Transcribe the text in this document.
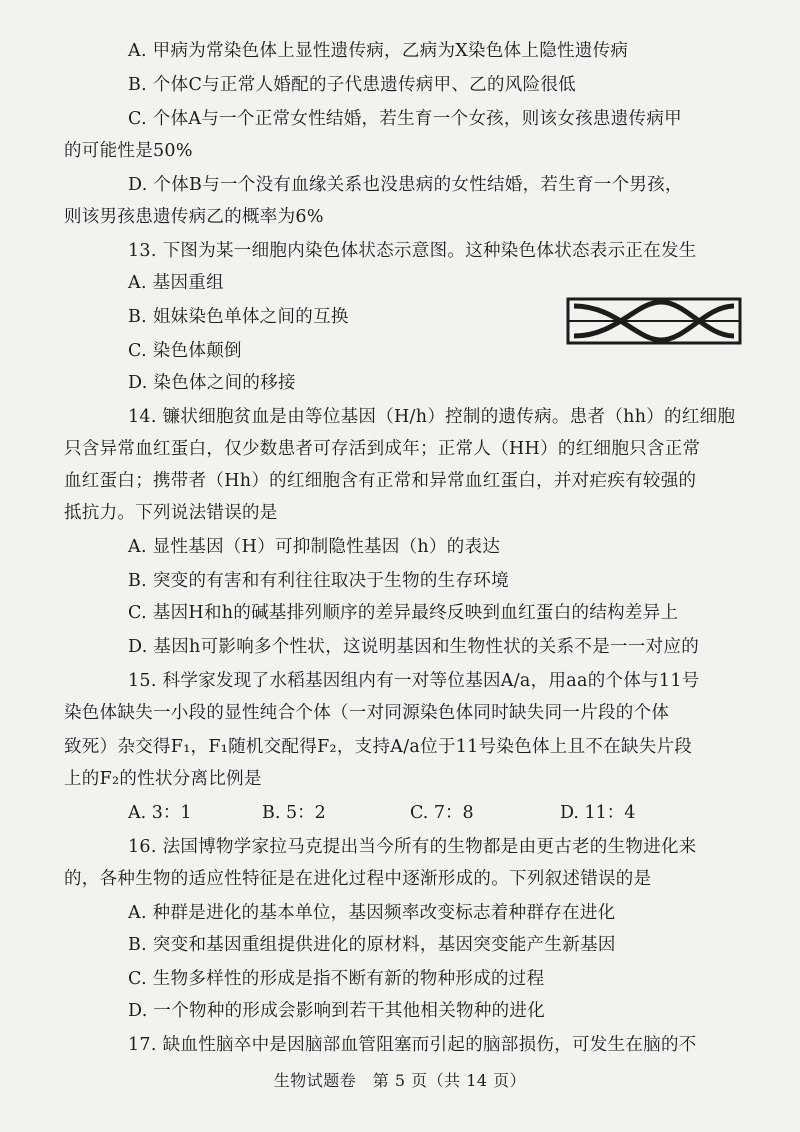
A. 甲病为常染色体上显性遗传病，乙病为X染色体上隐性遗传病
B. 个体C与正常人婚配的子代患遗传病甲、乙的风险很低
C. 个体A与一个正常女性结婚，若生育一个女孩，则该女孩患遗传病甲
的可能性是50%
D. 个体B与一个没有血缘关系也没患病的女性结婚，若生育一个男孩，
则该男孩患遗传病乙的概率为6%
13. 下图为某一细胞内染色体状态示意图。这种染色体状态表示正在发生
A. 基因重组
B. 姐妹染色单体之间的互换
C. 染色体颠倒
D. 染色体之间的移接
14. 镰状细胞贫血是由等位基因（H/h）控制的遗传病。患者（hh）的红细胞
只含异常血红蛋白，仅少数患者可存活到成年；正常人（HH）的红细胞只含正常
血红蛋白；携带者（Hh）的红细胞含有正常和异常血红蛋白，并对疟疾有较强的
抵抗力。下列说法错误的是
A. 显性基因（H）可抑制隐性基因（h）的表达
B. 突变的有害和有利往往取决于生物的生存环境
C. 基因H和h的碱基排列顺序的差异最终反映到血红蛋白的结构差异上
D. 基因h可影响多个性状，这说明基因和生物性状的关系不是一一对应的
15. 科学家发现了水稻基因组内有一对等位基因A/a，用aa的个体与11号
染色体缺失一小段的显性纯合个体（一对同源染色体同时缺失同一片段的个体
致死）杂交得F₁，F₁随机交配得F₂，支持A/a位于11号染色体上且不在缺失片段
上的F₂的性状分离比例是
A. 3：1	B. 5：2	C. 7：8	D. 11：4
16. 法国博物学家拉马克提出当今所有的生物都是由更古老的生物进化来
的，各种生物的适应性特征是在进化过程中逐渐形成的。下列叙述错误的是
A. 种群是进化的基本单位，基因频率改变标志着种群存在进化
B. 突变和基因重组提供进化的原材料，基因突变能产生新基因
C. 生物多样性的形成是指不断有新的物种形成的过程
D. 一个物种的形成会影响到若干其他相关物种的进化
17. 缺血性脑卒中是因脑部血管阻塞而引起的脑部损伤，可发生在脑的不
生物试题卷　第 5 页（共 14 页）
